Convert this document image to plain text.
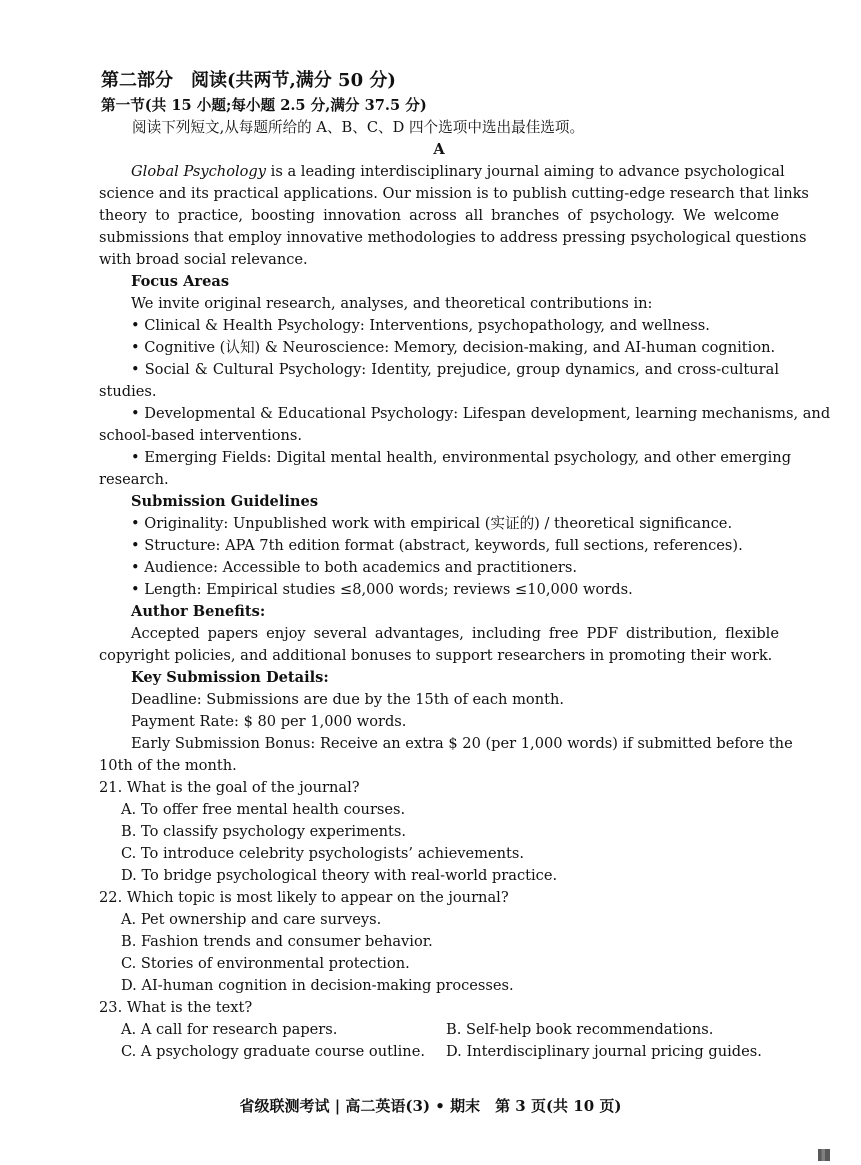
第二部分　阅读(共两节,满分 50 分)
第一节(共 15 小题;每小题 2.5 分,满分 37.5 分)
阅读下列短文,从每题所给的 A、B、C、D 四个选项中选出最佳选项。
A
Global Psychology is a leading interdisciplinary journal aiming to advance psychological
science and its practical applications. Our mission is to publish cutting-edge research that links
theory to practice, boosting innovation across all branches of psychology. We welcome
submissions that employ innovative methodologies to address pressing psychological questions
with broad social relevance.
Focus Areas
We invite original research, analyses, and theoretical contributions in:
• Clinical & Health Psychology: Interventions, psychopathology, and wellness.
• Cognitive (认知) & Neuroscience: Memory, decision-making, and AI-human cognition.
• Social & Cultural Psychology: Identity, prejudice, group dynamics, and cross-cultural
studies.
• Developmental & Educational Psychology: Lifespan development, learning mechanisms, and
school-based interventions.
• Emerging Fields: Digital mental health, environmental psychology, and other emerging
research.
Submission Guidelines
• Originality: Unpublished work with empirical (实证的) / theoretical significance.
• Structure: APA 7th edition format (abstract, keywords, full sections, references).
• Audience: Accessible to both academics and practitioners.
• Length: Empirical studies ≤8,000 words; reviews ≤10,000 words.
Author Benefits:
Accepted papers enjoy several advantages, including free PDF distribution, flexible
copyright policies, and additional bonuses to support researchers in promoting their work.
Key Submission Details:
Deadline: Submissions are due by the 15th of each month.
Payment Rate: $ 80 per 1,000 words.
Early Submission Bonus: Receive an extra $ 20 (per 1,000 words) if submitted before the
10th of the month.
21. What is the goal of the journal?
A. To offer free mental health courses.
B. To classify psychology experiments.
C. To introduce celebrity psychologists’ achievements.
D. To bridge psychological theory with real-world practice.
22. Which topic is most likely to appear on the journal?
A. Pet ownership and care surveys.
B. Fashion trends and consumer behavior.
C. Stories of environmental protection.
D. AI-human cognition in decision-making processes.
23. What is the text?
A. A call for research papers.	B. Self-help book recommendations.
C. A psychology graduate course outline. D. Interdisciplinary journal pricing guides.
省级联测考试 | 高二英语(3) • 期末　第 3 页(共 10 页)
